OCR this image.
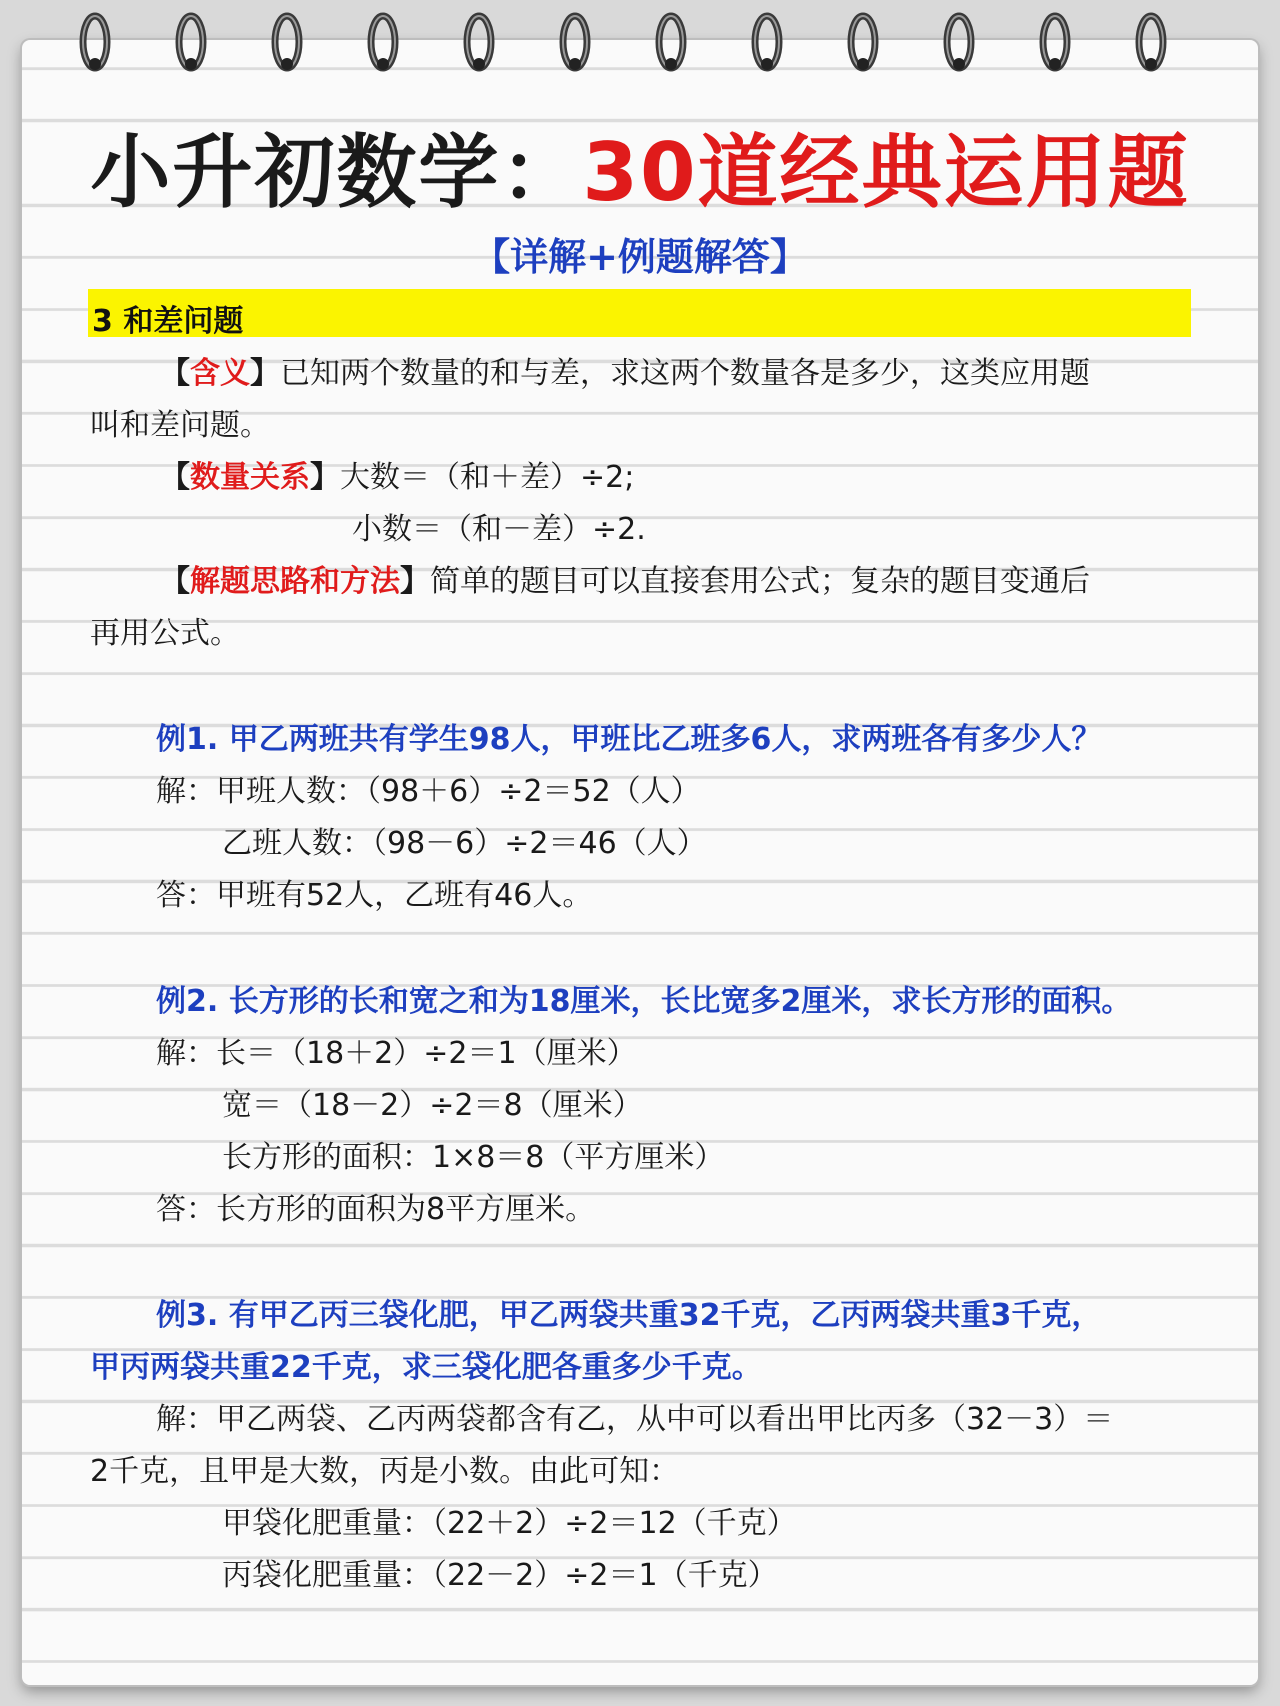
小升初数学：30道经典运用题
【详解+例题解答】
3 和差问题
【含义】已知两个数量的和与差，求这两个数量各是多少，这类应用题
叫和差问题。
【数量关系】大数＝（和＋差）÷2;
小数＝（和－差）÷2.
【解题思路和方法】简单的题目可以直接套用公式；复杂的题目变通后
再用公式。
例1. 甲乙两班共有学生98人，甲班比乙班多6人，求两班各有多少人？
解：甲班人数：（98＋6）÷2＝52（人）
乙班人数：（98－6）÷2＝46（人）
答：甲班有52人，乙班有46人。
例2. 长方形的长和宽之和为18厘米，长比宽多2厘米，求长方形的面积。
解：长＝（18＋2）÷2＝1（厘米）
宽＝（18－2）÷2＝8（厘米）
长方形的面积：1×8＝8（平方厘米）
答：长方形的面积为8平方厘米。
例3. 有甲乙丙三袋化肥，甲乙两袋共重32千克，乙丙两袋共重3千克，
甲丙两袋共重22千克，求三袋化肥各重多少千克。
解：甲乙两袋、乙丙两袋都含有乙，从中可以看出甲比丙多（32－3）＝
2千克，且甲是大数，丙是小数。由此可知：
甲袋化肥重量：（22＋2）÷2＝12（千克）
丙袋化肥重量：（22－2）÷2＝1（千克）
